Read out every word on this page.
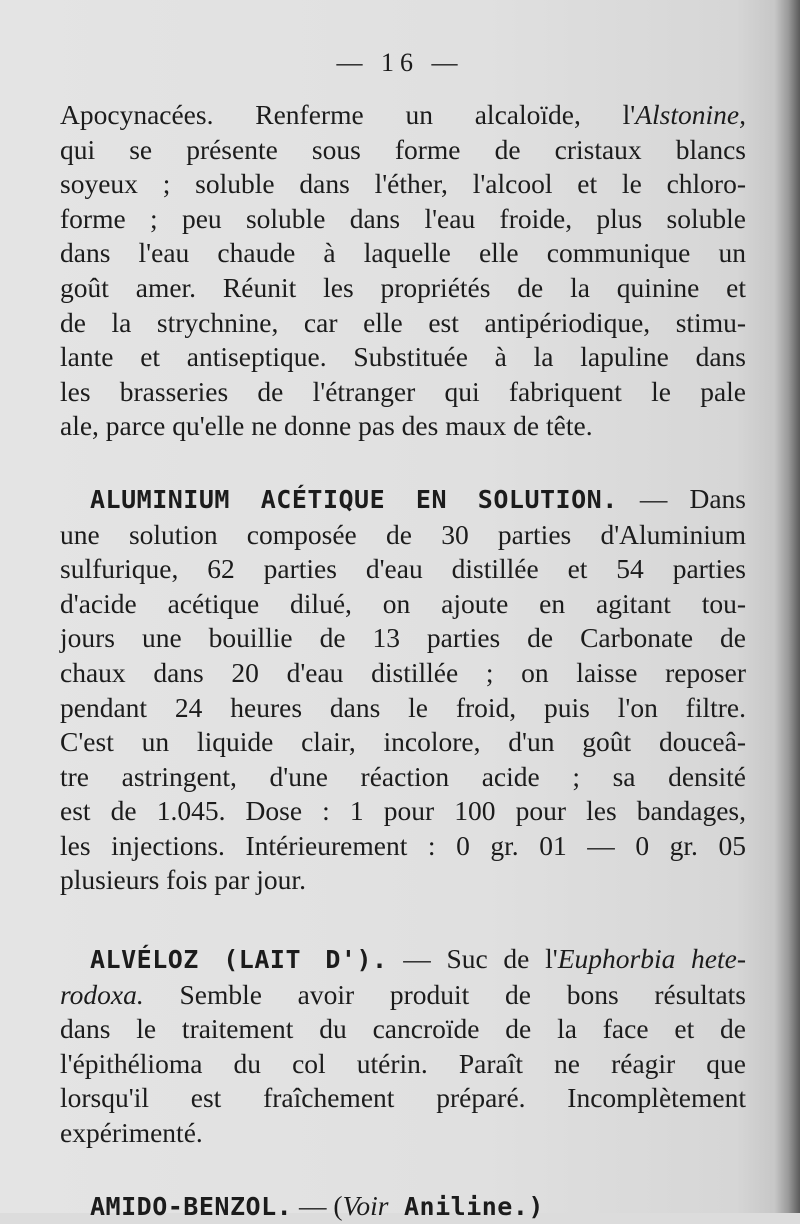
— 16 —
Apocynacées. Renferme un alcaloïde, l'Alstonine,
qui se présente sous forme de cristaux blancs
soyeux ; soluble dans l'éther, l'alcool et le chloro-
forme ; peu soluble dans l'eau froide, plus soluble
dans l'eau chaude à laquelle elle communique un
goût amer. Réunit les propriétés de la quinine et
de la strychnine, car elle est antipériodique, stimu-
lante et antiseptique. Substituée à la lapuline dans
les brasseries de l'étranger qui fabriquent le pale
ale, parce qu'elle ne donne pas des maux de tête.
ALUMINIUM ACÉTIQUE EN SOLUTION. — Dans
une solution composée de 30 parties d'Aluminium
sulfurique, 62 parties d'eau distillée et 54 parties
d'acide acétique dilué, on ajoute en agitant tou-
jours une bouillie de 13 parties de Carbonate de
chaux dans 20 d'eau distillée ; on laisse reposer
pendant 24 heures dans le froid, puis l'on filtre.
C'est un liquide clair, incolore, d'un goût douceâ-
tre astringent, d'une réaction acide ; sa densité
est de 1.045. Dose : 1 pour 100 pour les bandages,
les injections. Intérieurement : 0 gr. 01 — 0 gr. 05
plusieurs fois par jour.
ALVÉLOZ (LAIT D'). — Suc de l'Euphorbia hete-
rodoxa. Semble avoir produit de bons résultats
dans le traitement du cancroïde de la face et de
l'épithélioma du col utérin. Paraît ne réagir que
lorsqu'il est fraîchement préparé. Incomplètement
expérimenté.
AMIDO-BENZOL. — (Voir Aniline.)
